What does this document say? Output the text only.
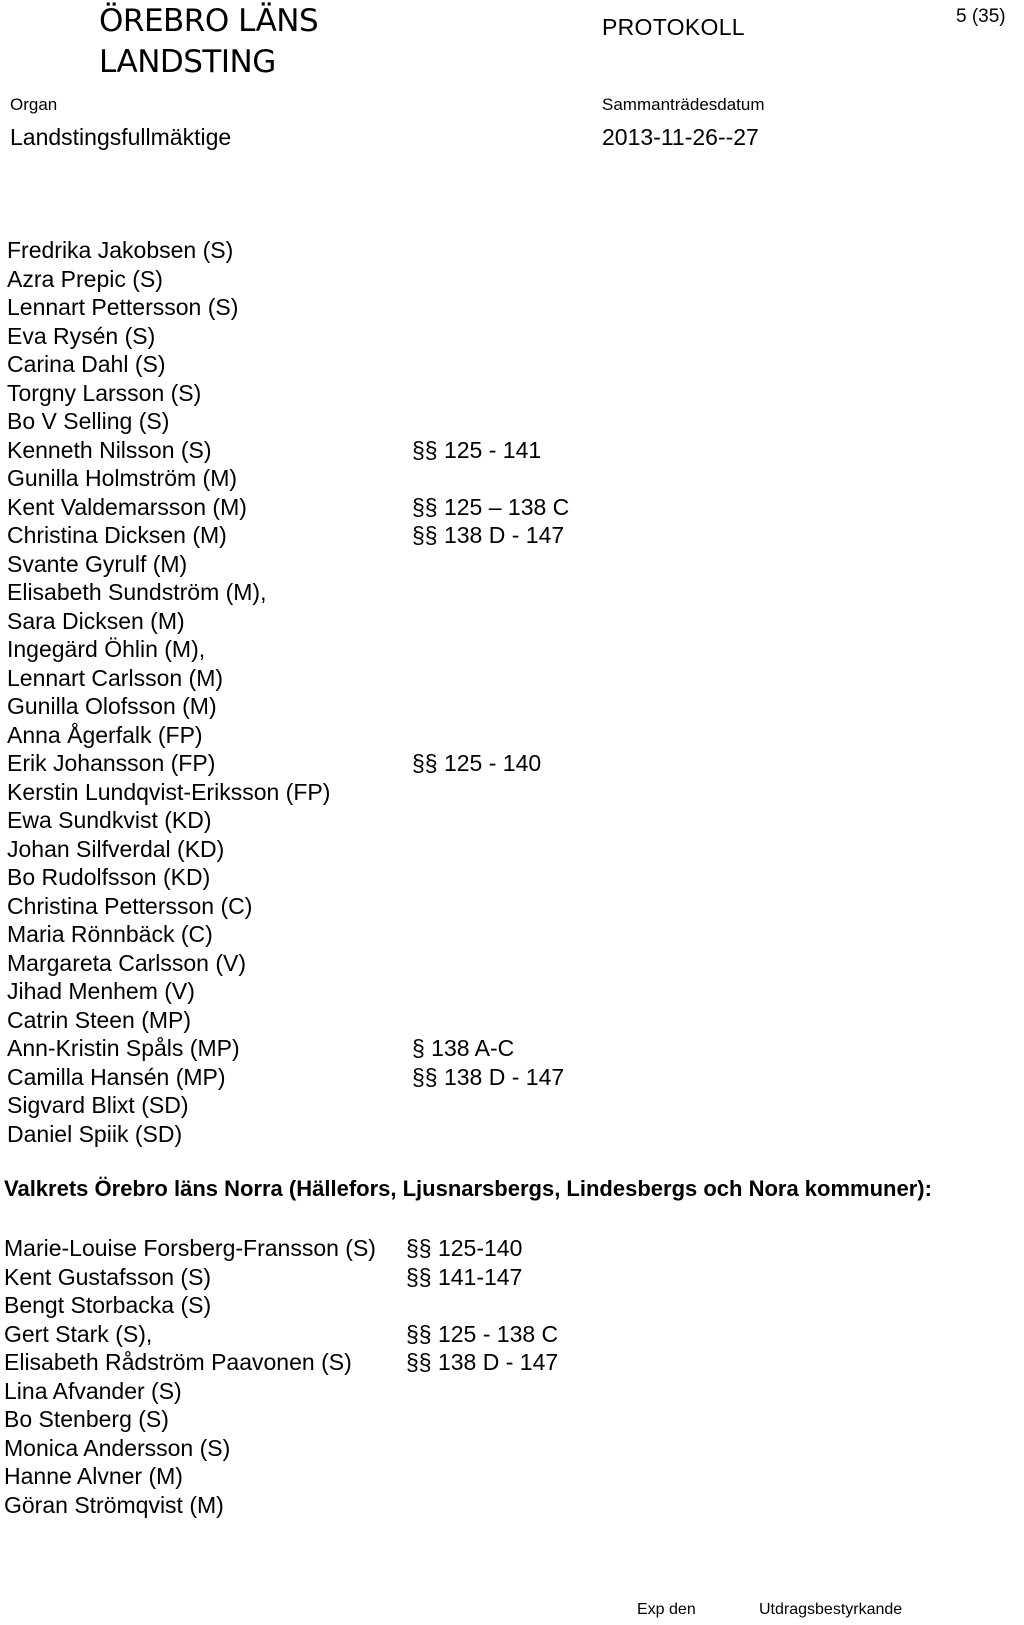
ÖREBRO LÄNS
LANDSTING
PROTOKOLL	5 (35)
Organ
Landstingsfullmäktige
Sammanträdesdatum
2013-11-26--27
Fredrika Jakobsen (S)
Azra Prepic (S)
Lennart Pettersson (S)
Eva Rysén (S)
Carina Dahl (S)
Torgny Larsson (S)
Bo V Selling (S)
Kenneth Nilsson (S)	§§ 125 - 141
Gunilla Holmström (M)
Kent Valdemarsson (M)	§§ 125 – 138 C
Christina Dicksen (M)	§§ 138 D - 147
Svante Gyrulf (M)
Elisabeth Sundström (M),
Sara Dicksen (M)
Ingegärd Öhlin (M),
Lennart Carlsson (M)
Gunilla Olofsson (M)
Anna Ågerfalk (FP)
Erik Johansson (FP)	§§ 125 - 140
Kerstin Lundqvist-Eriksson (FP)
Ewa Sundkvist (KD)
Johan Silfverdal (KD)
Bo Rudolfsson (KD)
Christina Pettersson (C)
Maria Rönnbäck (C)
Margareta Carlsson (V)
Jihad Menhem (V)
Catrin Steen (MP)
Ann-Kristin Spåls (MP)	§ 138 A-C
Camilla Hansén (MP)	§§ 138 D - 147
Sigvard Blixt (SD)
Daniel Spiik (SD)
Valkrets Örebro läns Norra (Hällefors, Ljusnarsbergs, Lindesbergs och Nora kommuner):
Marie-Louise Forsberg-Fransson (S) §§ 125-140
Kent Gustafsson (S)	§§ 141-147
Bengt Storbacka (S)
Gert Stark (S),	§§ 125 - 138 C
Elisabeth Rådström Paavonen (S) §§ 138 D - 147
Lina Afvander (S)
Bo Stenberg (S)
Monica Andersson (S)
Hanne Alvner (M)
Göran Strömqvist (M)
Exp den	Utdragsbestyrkande
